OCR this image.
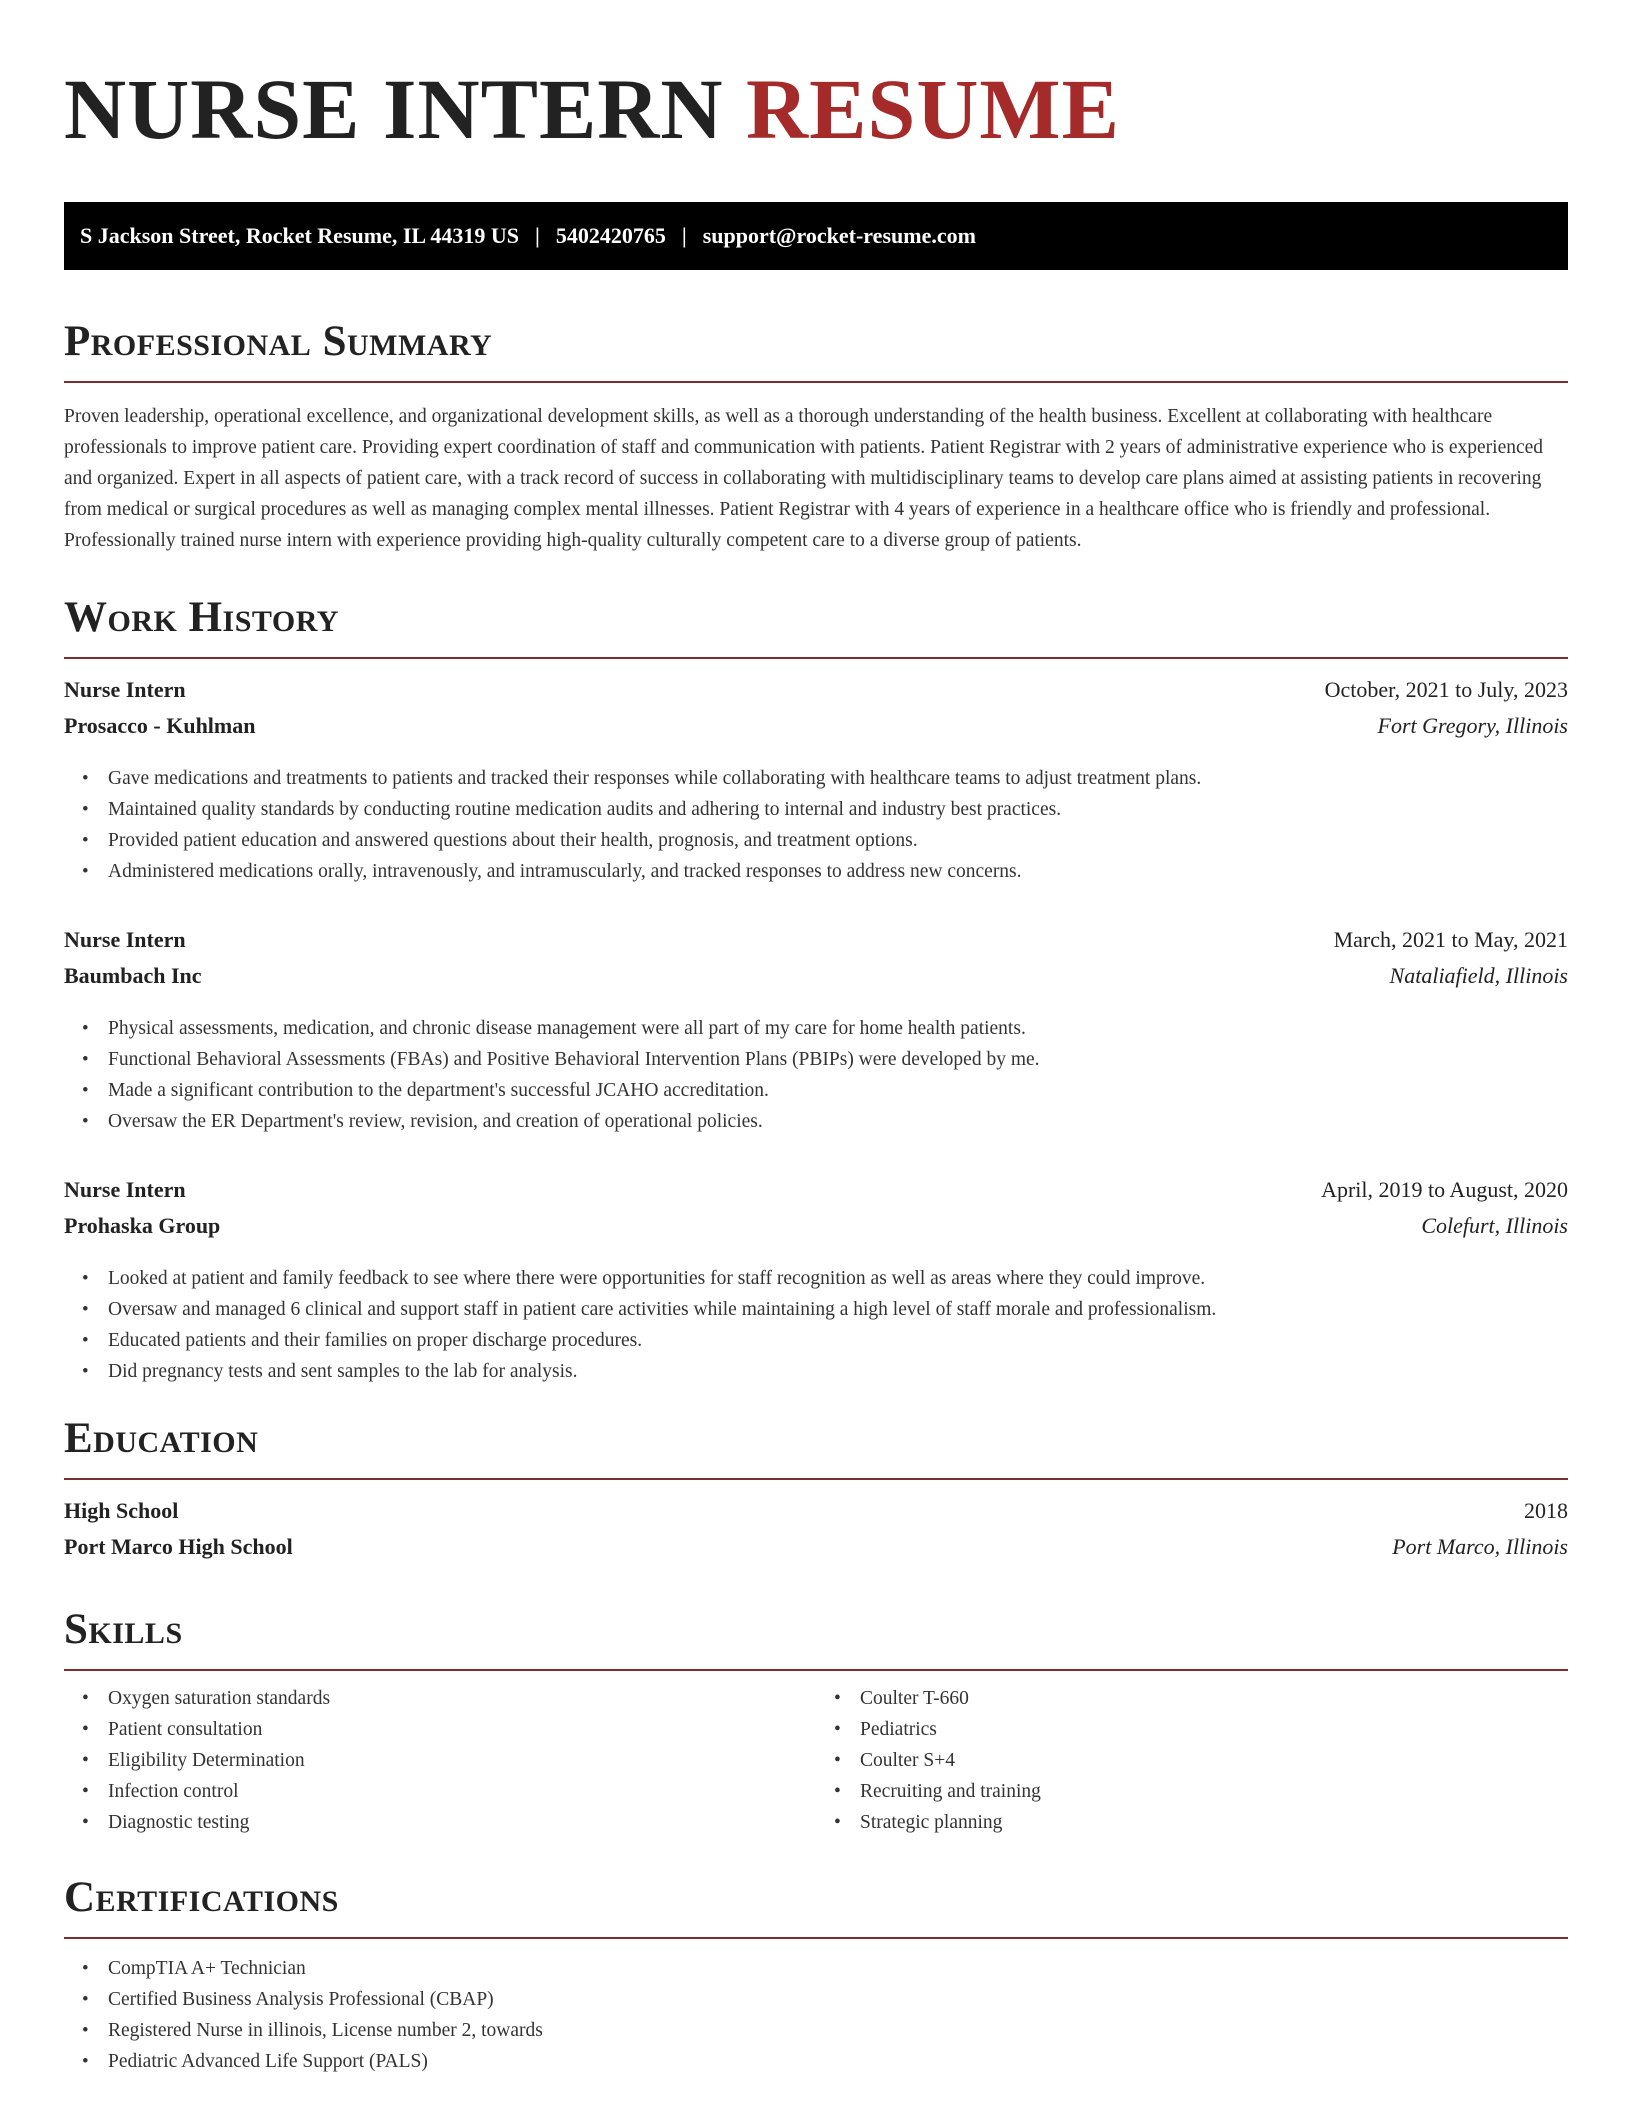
NURSE INTERN RESUME
S Jackson Street, Rocket Resume, IL 44319 US | 5402420765 | support@rocket-resume.com
Professional Summary

Proven leadership, operational excellence, and organizational development skills, as well as a thorough understanding of the health business. Excellent at collaborating with healthcare professionals to improve patient care. Providing expert coordination of staff and communication with patients. Patient Registrar with 2 years of administrative experience who is experienced and organized. Expert in all aspects of patient care, with a track record of success in collaborating with multidisciplinary teams to develop care plans aimed at assisting patients in recovering from medical or surgical procedures as well as managing complex mental illnesses. Patient Registrar with 4 years of experience in a healthcare office who is friendly and professional. Professionally trained nurse intern with experience providing high-quality culturally competent care to a diverse group of patients.

Work History
Nurse Intern	October, 2021 to July, 2023
Prosacco - Kuhlman	Fort Gregory, Illinois
• Gave medications and treatments to patients and tracked their responses while collaborating with healthcare teams to adjust treatment plans.
• Maintained quality standards by conducting routine medication audits and adhering to internal and industry best practices.
• Provided patient education and answered questions about their health, prognosis, and treatment options.
• Administered medications orally, intravenously, and intramuscularly, and tracked responses to address new concerns.
Nurse Intern	March, 2021 to May, 2021
Baumbach Inc	Nataliafield, Illinois
• Physical assessments, medication, and chronic disease management were all part of my care for home health patients.
• Functional Behavioral Assessments (FBAs) and Positive Behavioral Intervention Plans (PBIPs) were developed by me.
• Made a significant contribution to the department's successful JCAHO accreditation.
• Oversaw the ER Department's review, revision, and creation of operational policies.
Nurse Intern	April, 2019 to August, 2020
Prohaska Group	Colefurt, Illinois
• Looked at patient and family feedback to see where there were opportunities for staff recognition as well as areas where they could improve.
• Oversaw and managed 6 clinical and support staff in patient care activities while maintaining a high level of staff morale and professionalism.
• Educated patients and their families on proper discharge procedures.
• Did pregnancy tests and sent samples to the lab for analysis.
Education
High School	2018
Port Marco High School	Port Marco, Illinois
Skills
• Oxygen saturation standards
• Patient consultation
• Eligibility Determination
• Infection control
• Diagnostic testing
• Coulter T-660
• Pediatrics
• Coulter S+4
• Recruiting and training
• Strategic planning
Certifications
• CompTIA A+ Technician
• Certified Business Analysis Professional (CBAP)
• Registered Nurse in illinois, License number 2, towards
• Pediatric Advanced Life Support (PALS)
